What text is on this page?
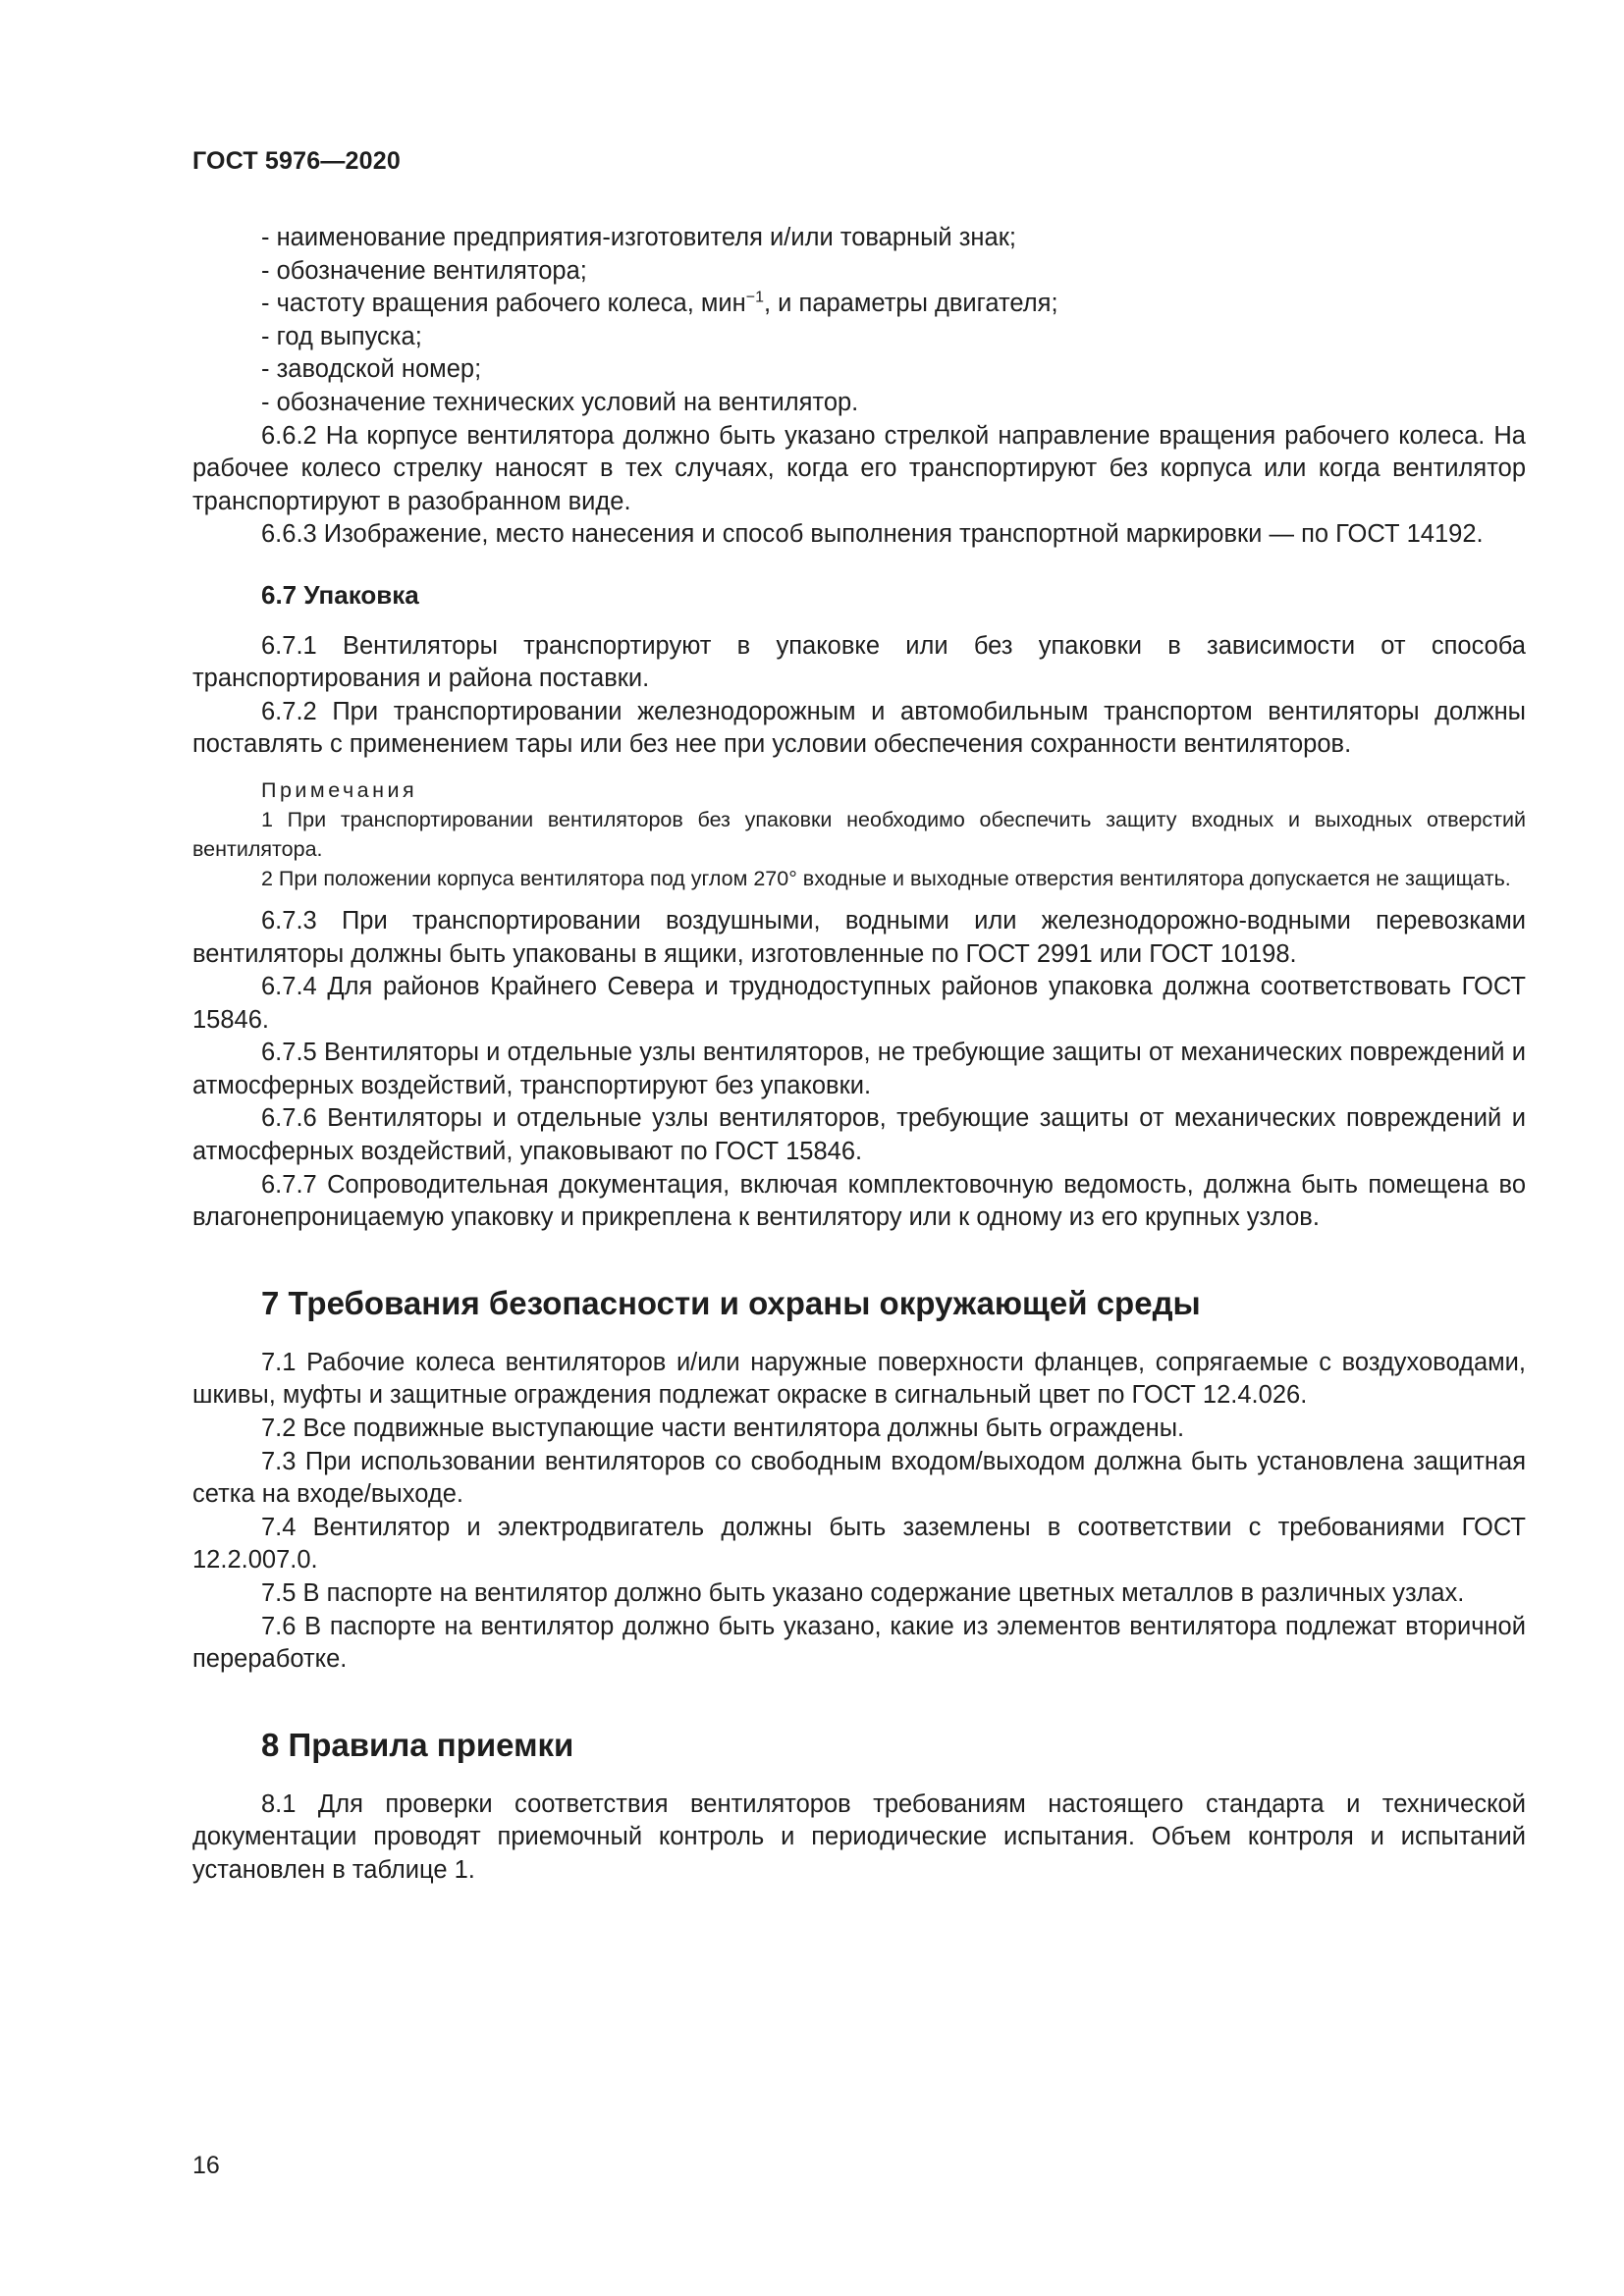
ГОСТ 5976—2020
- наименование предприятия-изготовителя и/или товарный знак;
- обозначение вентилятора;
- частоту вращения рабочего колеса, мин$^{-1}$, и параметры двигателя;
- год выпуска;
- заводской номер;
- обозначение технических условий на вентилятор.

6.6.2 На корпусе вентилятора должно быть указано стрелкой направление вращения рабочего колеса. На рабочее колесо стрелку наносят в тех случаях, когда его транспортируют без корпуса или когда вентилятор транспортируют в разобранном виде.

6.6.3 Изображение, место нанесения и способ выполнения транспортной маркировки — по ГОСТ 14192.

6.7 Упаковка

6.7.1 Вентиляторы транспортируют в упаковке или без упаковки в зависимости от способа транспортирования и района поставки.

6.7.2 При транспортировании железнодорожным и автомобильным транспортом вентиляторы должны поставлять с применением тары или без нее при условии обеспечения сохранности вентиляторов.

Примечания

1 При транспортировании вентиляторов без упаковки необходимо обеспечить защиту входных и выходных отверстий вентилятора.

2 При положении корпуса вентилятора под углом 270° входные и выходные отверстия вентилятора допускается не защищать.

6.7.3 При транспортировании воздушными, водными или железнодорожно-водными перевозками вентиляторы должны быть упакованы в ящики, изготовленные по ГОСТ 2991 или ГОСТ 10198.

6.7.4 Для районов Крайнего Севера и труднодоступных районов упаковка должна соответствовать ГОСТ 15846.

6.7.5 Вентиляторы и отдельные узлы вентиляторов, не требующие защиты от механических повреждений и атмосферных воздействий, транспортируют без упаковки.

6.7.6 Вентиляторы и отдельные узлы вентиляторов, требующие защиты от механических повреждений и атмосферных воздействий, упаковывают по ГОСТ 15846.

6.7.7 Сопроводительная документация, включая комплектовочную ведомость, должна быть помещена во влагонепроницаемую упаковку и прикреплена к вентилятору или к одному из его крупных узлов.

7 Требования безопасности и охраны окружающей среды

7.1 Рабочие колеса вентиляторов и/или наружные поверхности фланцев, сопрягаемые с воздуховодами, шкивы, муфты и защитные ограждения подлежат окраске в сигнальный цвет по ГОСТ 12.4.026.

7.2 Все подвижные выступающие части вентилятора должны быть ограждены.

7.3 При использовании вентиляторов со свободным входом/выходом должна быть установлена защитная сетка на входе/выходе.

7.4 Вентилятор и электродвигатель должны быть заземлены в соответствии с требованиями ГОСТ 12.2.007.0.

7.5 В паспорте на вентилятор должно быть указано содержание цветных металлов в различных узлах.

7.6 В паспорте на вентилятор должно быть указано, какие из элементов вентилятора подлежат вторичной переработке.

8 Правила приемки

8.1 Для проверки соответствия вентиляторов требованиям настоящего стандарта и технической документации проводят приемочный контроль и периодические испытания. Объем контроля и испытаний установлен в таблице 1.

16
